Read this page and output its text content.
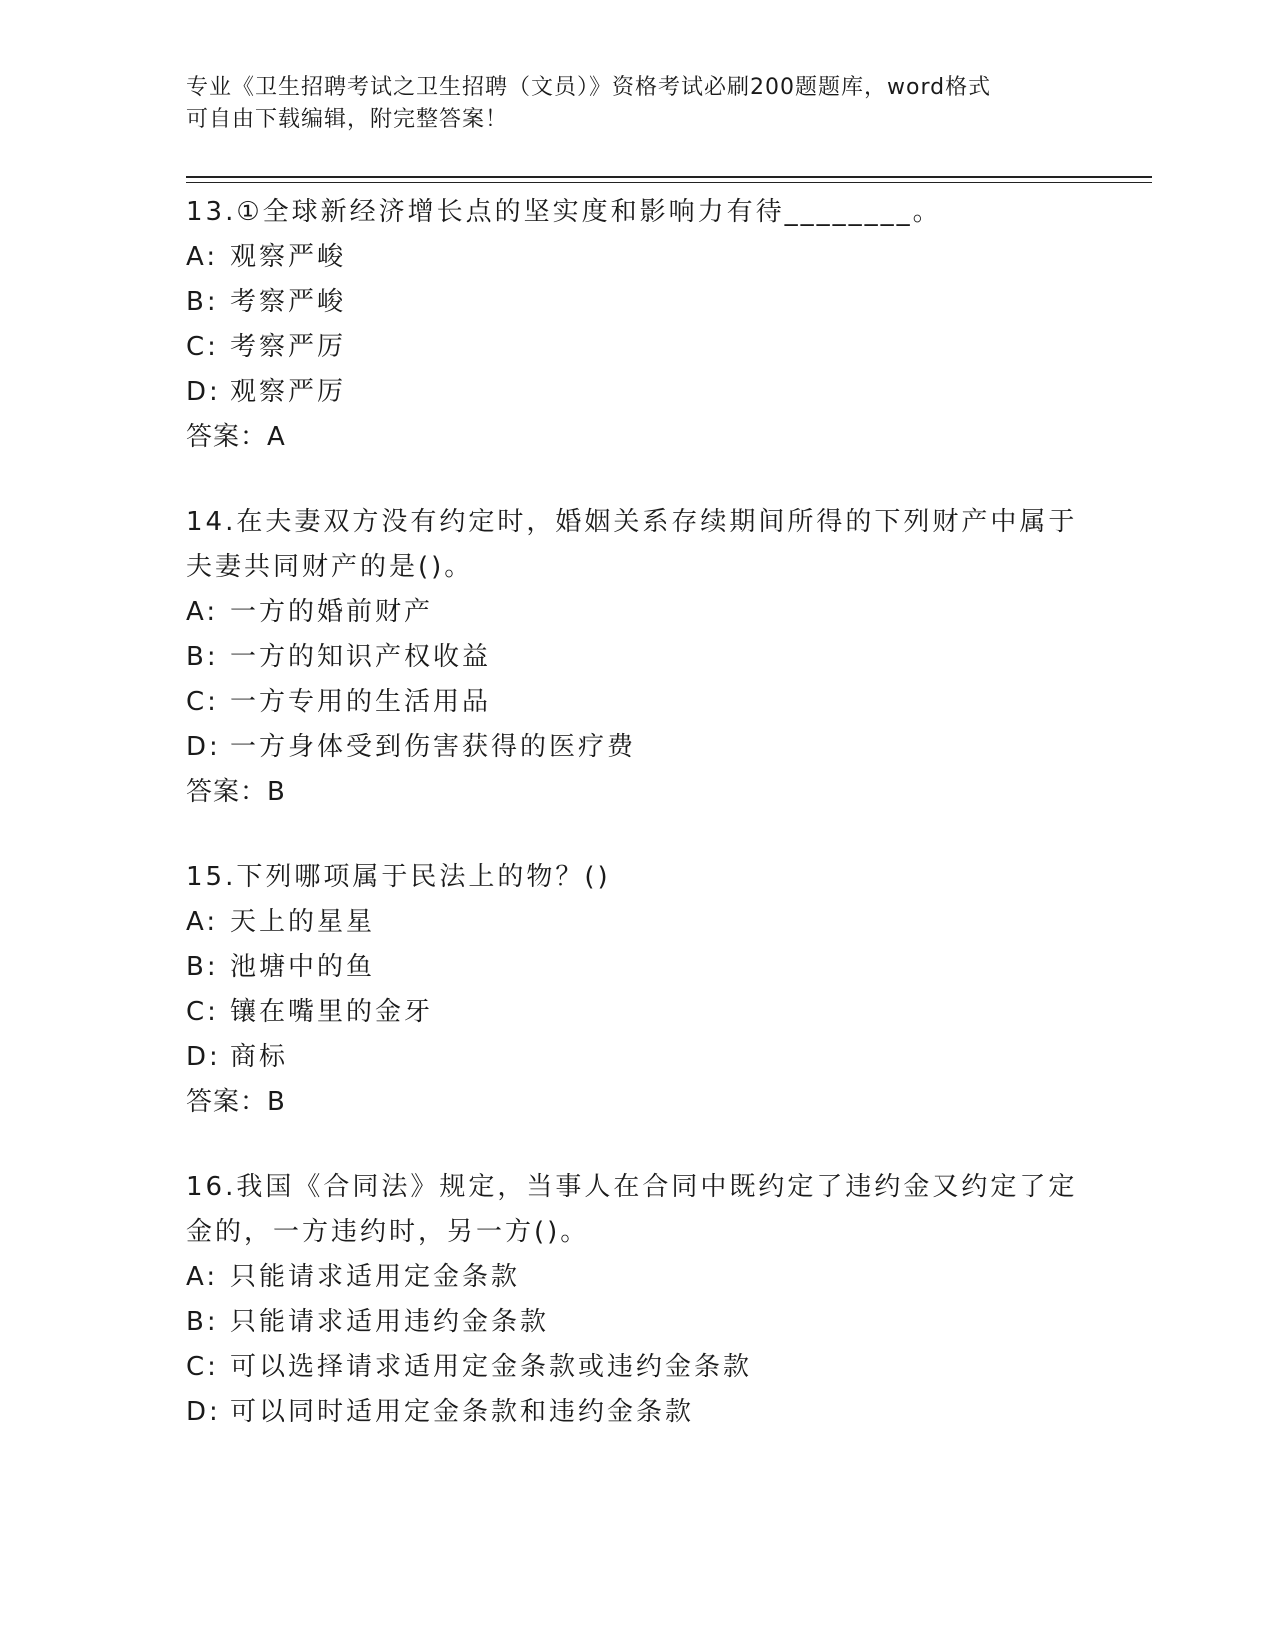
专业《卫生招聘考试之卫生招聘（文员）》资格考试必刷200题题库，word格式
可自由下载编辑，附完整答案！
13.①全球新经济增长点的坚实度和影响力有待________。
A: 观察严峻
B: 考察严峻
C: 考察严厉
D: 观察严厉
答案：A
14.在夫妻双方没有约定时，婚姻关系存续期间所得的下列财产中属于夫妻共同财产的是()。
A: 一方的婚前财产
B: 一方的知识产权收益
C: 一方专用的生活用品
D: 一方身体受到伤害获得的医疗费
答案：B
15.下列哪项属于民法上的物？()
A: 天上的星星
B: 池塘中的鱼
C: 镶在嘴里的金牙
D: 商标
答案：B
16.我国《合同法》规定，当事人在合同中既约定了违约金又约定了定金的，一方违约时，另一方()。
A: 只能请求适用定金条款
B: 只能请求适用违约金条款
C: 可以选择请求适用定金条款或违约金条款
D: 可以同时适用定金条款和违约金条款
